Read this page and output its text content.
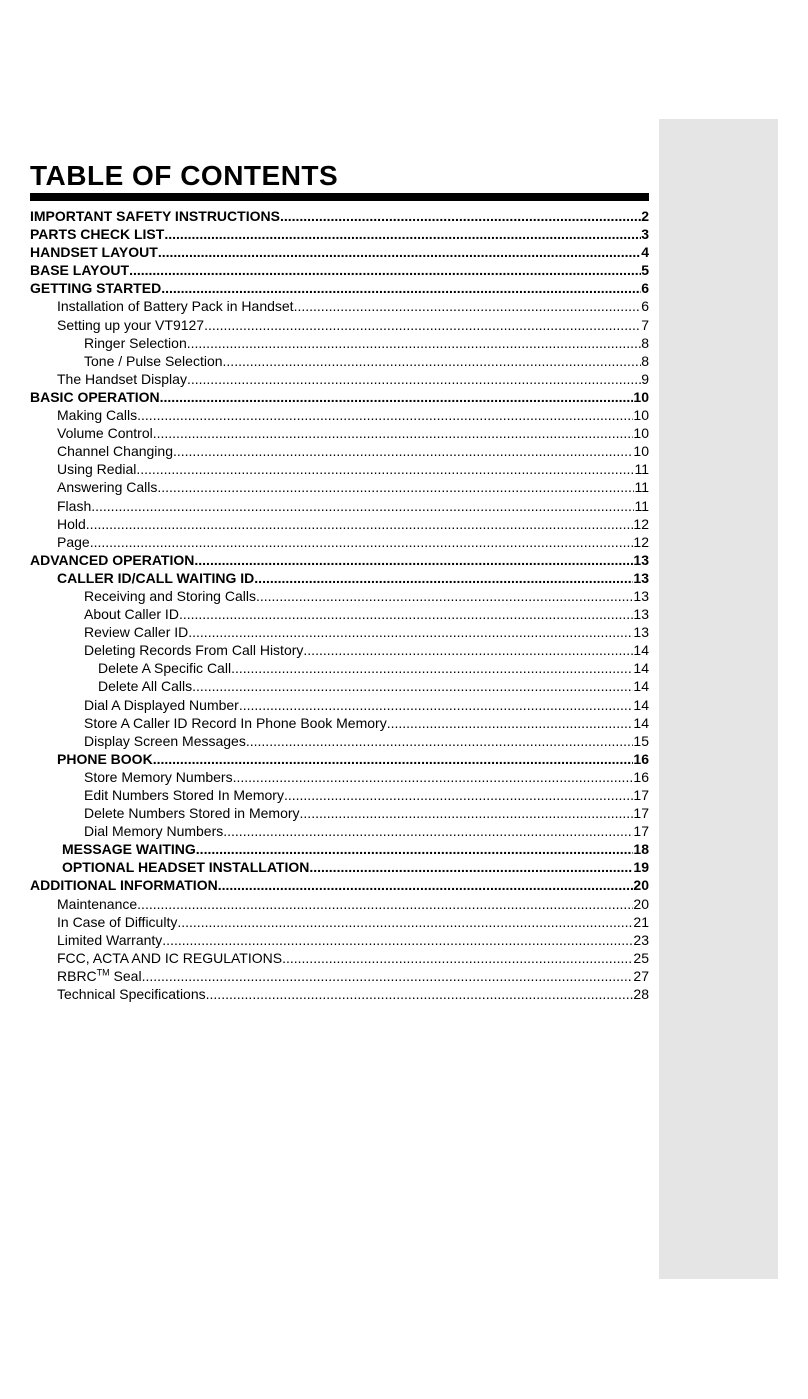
TABLE OF CONTENTS
IMPORTANT SAFETY INSTRUCTIONS .....	2
PARTS CHECK LIST .....	3
HANDSET LAYOUT .....	4
BASE LAYOUT .....	5
GETTING STARTED .....	6
Installation of Battery Pack in Handset .....	6
Setting up your VT9127 .....	7
Ringer Selection .....	8
Tone / Pulse Selection .....	8
The Handset Display .....	9
BASIC OPERATION .....	10
Making Calls .....	10
Volume Control .....	10
Channel Changing .....	10
Using Redial .....	11
Answering Calls .....	11
Flash .....	11
Hold .....	12
Page .....	12
ADVANCED OPERATION .....	13
CALLER ID/CALL WAITING ID .....	13
Receiving and Storing Calls .....	13
About Caller ID .....	13
Review Caller ID .....	13
Deleting Records From Call History .....	14
Delete A Specific Call .....	14
Delete All Calls .....	14
Dial A Displayed Number .....	14
Store A Caller ID Record In Phone Book Memory .....	14
Display Screen Messages .....	15
PHONE BOOK .....	16
Store Memory Numbers .....	16
Edit Numbers Stored In Memory .....	17
Delete Numbers Stored in Memory .....	17
Dial Memory Numbers .....	17
MESSAGE WAITING .....	18
OPTIONAL HEADSET INSTALLATION .....	19
ADDITIONAL INFORMATION .....	20
Maintenance .....	20
In Case of Difficulty .....	21
Limited Warranty .....	23
FCC, ACTA AND IC REGULATIONS .....	25
RBRC™ Seal .....	27
Technical Specifications .....	28
